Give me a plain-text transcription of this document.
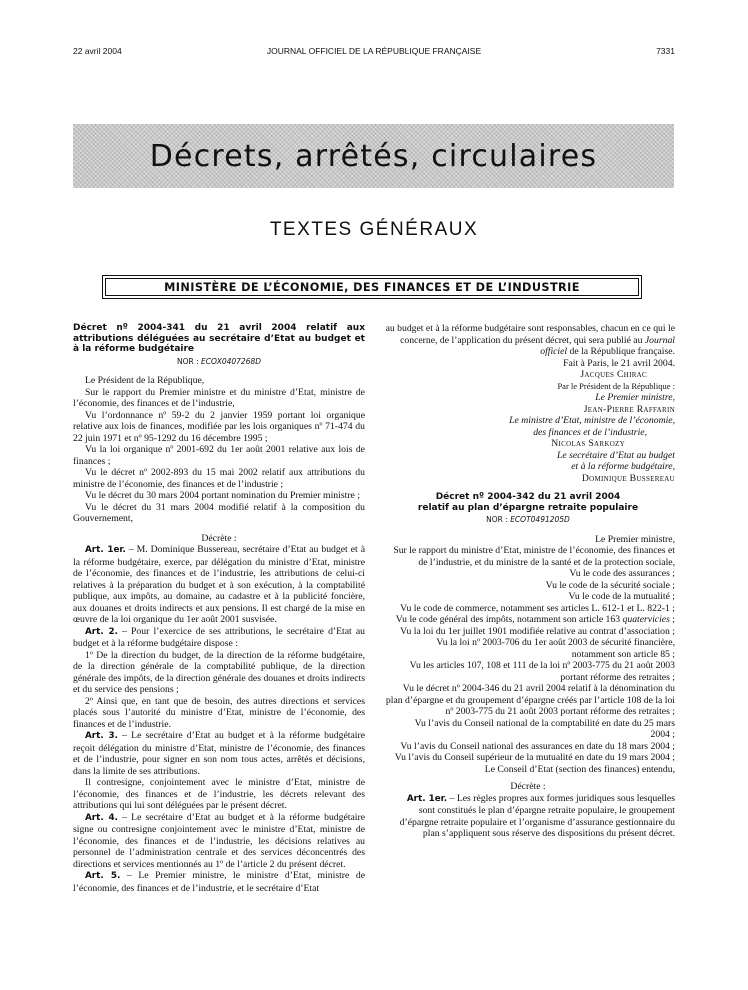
22 avril 2004	JOURNAL OFFICIEL DE LA RÉPUBLIQUE FRANÇAISE	7331
Décrets, arrêtés, circulaires
TEXTES GÉNÉRAUX
MINISTÈRE DE L’ÉCONOMIE, DES FINANCES ET DE L’INDUSTRIE

Décret nº 2004-341 du 21 avril 2004 relatif aux attributions déléguées au secrétaire d’Etat au budget et à la réforme budgétaire

NOR : ECOX0407268D

Le Président de la République,

Sur le rapport du Premier ministre et du ministre d’Etat, ministre de l’économie, des finances et de l’industrie,

Vu l’ordonnance nº 59-2 du 2 janvier 1959 portant loi organique relative aux lois de finances, modifiée par les lois organiques nº 71-474 du 22 juin 1971 et nº 95-1292 du 16 décembre 1995 ;

Vu la loi organique nº 2001-692 du 1er août 2001 relative aux lois de finances ;

Vu le décret nº 2002-893 du 15 mai 2002 relatif aux attributions du ministre de l’économie, des finances et de l’industrie ;

Vu le décret du 30 mars 2004 portant nomination du Premier ministre ;

Vu le décret du 31 mars 2004 modifié relatif à la composition du Gouvernement,

Décrète :

Art. 1er. – M. Dominique Bussereau, secrétaire d’Etat au budget et à la réforme budgétaire, exerce, par délégation du ministre d’Etat, ministre de l’économie, des finances et de l’industrie, les attributions de celui-ci relatives à la préparation du budget et à son exécution, à la comptabilité publique, aux impôts, au domaine, au cadastre et à la publicité foncière, aux douanes et droits indirects et aux pensions. Il est chargé de la mise en œuvre de la loi organique du 1er août 2001 susvisée.

Art. 2. – Pour l’exercice de ses attributions, le secrétaire d’Etat au budget et à la réforme budgétaire dispose :

1º De la direction du budget, de la direction de la réforme budgétaire, de la direction générale de la comptabilité publique, de la direction générale des impôts, de la direction générale des douanes et droits indirects et du service des pensions ;

2º Ainsi que, en tant que de besoin, des autres directions et services placés sous l’autorité du ministre d’Etat, ministre de l’économie, des finances et de l’industrie.

Art. 3. – Le secrétaire d’Etat au budget et à la réforme budgétaire reçoit délégation du ministre d’Etat, ministre de l’économie, des finances et de l’industrie, pour signer en son nom tous actes, arrêtés et décisions, dans la limite de ses attributions.

Il contresigne, conjointement avec le ministre d’Etat, ministre de l’économie, des finances et de l’industrie, les décrets relevant des attributions qui lui sont déléguées par le présent décret.

Art. 4. – Le secrétaire d’Etat au budget et à la réforme budgétaire signe ou contresigne conjointement avec le ministre d’Etat, ministre de l’économie, des finances et de l’industrie, les décisions relatives au personnel de l’administration centrale et des services déconcentrés des directions et services mentionnés au 1º de l’article 2 du présent décret.

Art. 5. – Le Premier ministre, le ministre d’Etat, ministre de l’économie, des finances et de l’industrie, et le secrétaire d’Etat

au budget et à la réforme budgétaire sont responsables, chacun en ce qui le concerne, de l’application du présent décret, qui sera publié au Journal officiel de la République française.

Fait à Paris, le 21 avril 2004.

Jacques Chirac
Par le Président de la République :
Le Premier ministre,
Jean-Pierre Raffarin
Le ministre d’Etat, ministre de l’économie,
des finances et de l’industrie,
Nicolas Sarkozy
Le secrétaire d’Etat au budget
et à la réforme budgétaire,
Dominique Bussereau
Décret nº 2004-342 du 21 avril 2004
relatif au plan d’épargne retraite populaire
NOR : ECOT0491205D

Le Premier ministre,

Sur le rapport du ministre d’Etat, ministre de l’économie, des finances et de l’industrie, et du ministre de la santé et de la protection sociale,

Vu le code des assurances ;

Vu le code de la sécurité sociale ;

Vu le code de la mutualité ;

Vu le code de commerce, notamment ses articles L. 612-1 et L. 822-1 ;

Vu le code général des impôts, notamment son article 163 quatervicies ;

Vu la loi du 1er juillet 1901 modifiée relative au contrat d’association ;

Vu la loi nº 2003-706 du 1er août 2003 de sécurité financière, notamment son article 85 ;

Vu les articles 107, 108 et 111 de la loi nº 2003-775 du 21 août 2003 portant réforme des retraites ;

Vu le décret nº 2004-346 du 21 avril 2004 relatif à la dénomination du plan d’épargne et du groupement d’épargne créés par l’article 108 de la loi nº 2003-775 du 21 août 2003 portant réforme des retraites ;

Vu l’avis du Conseil national de la comptabilité en date du 25 mars 2004 ;

Vu l’avis du Conseil national des assurances en date du 18 mars 2004 ;

Vu l’avis du Conseil supérieur de la mutualité en date du 19 mars 2004 ;

Le Conseil d’Etat (section des finances) entendu,

Décrète :

Art. 1er. – Les règles propres aux formes juridiques sous lesquelles sont constitués le plan d’épargne retraite populaire, le groupement d’épargne retraite populaire et l’organisme d’assurance gestionnaire du plan s’appliquent sous réserve des dispositions du présent décret.
